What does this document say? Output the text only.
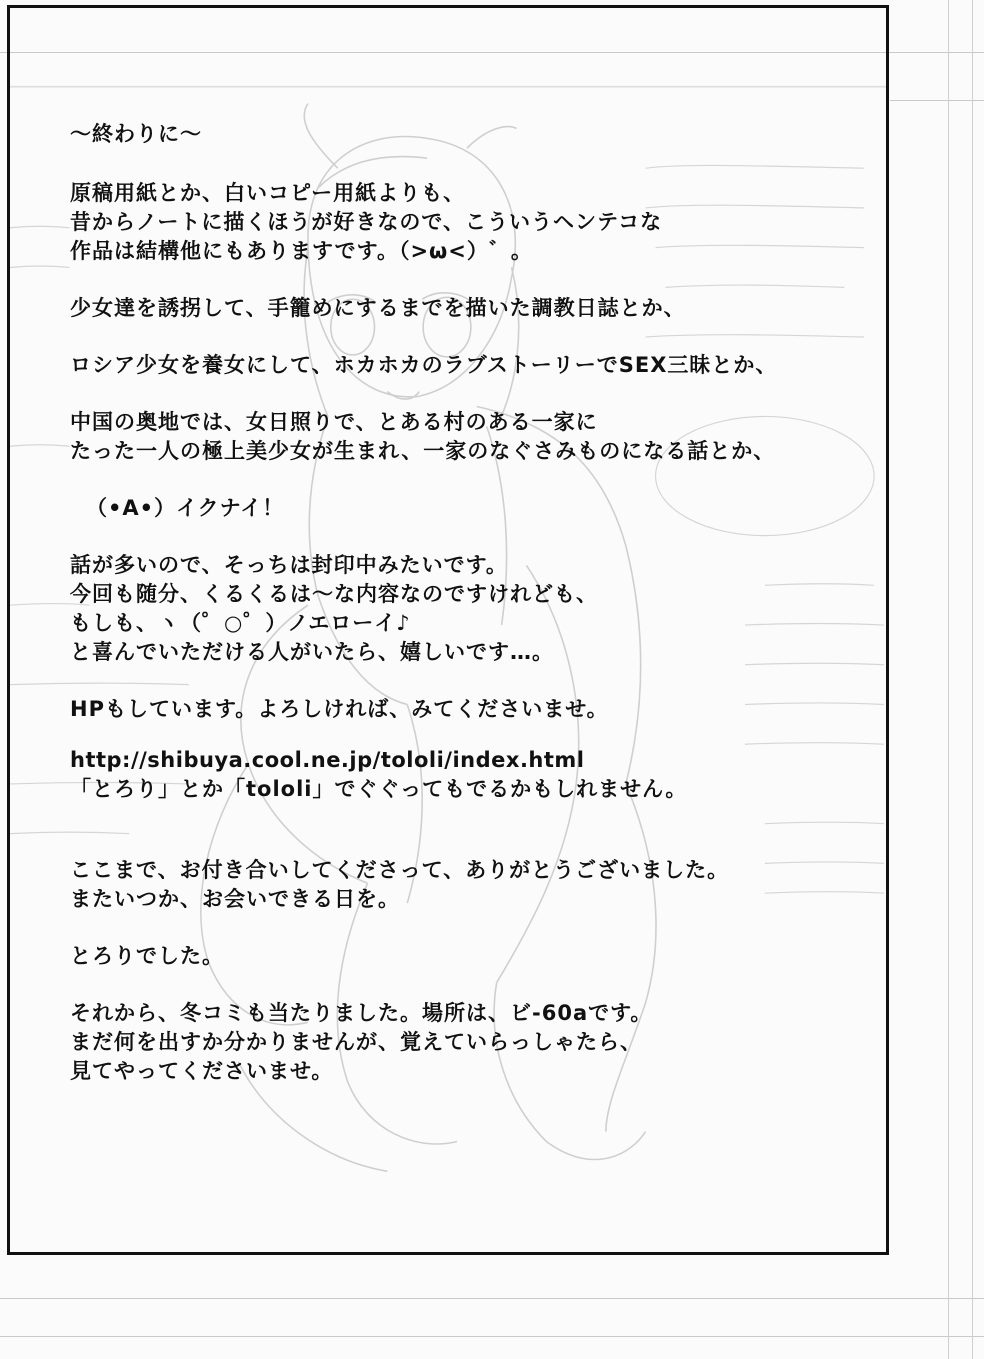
〜終わりに〜
原稿用紙とか、白いコピー用紙よりも、
昔からノートに描くほうが好きなので、こういうヘンテコな
作品は結構他にもありますです。（>ω<）゛。
少女達を誘拐して、手籠めにするまでを描いた調教日誌とか、
ロシア少女を養女にして、ホカホカのラブストーリーでSEX三昧とか、
中国の奥地では、女日照りで、とある村のある一家に
たった一人の極上美少女が生まれ、一家のなぐさみものになる話とか、
（•A•）イクナイ！
話が多いので、そっちは封印中みたいです。
今回も随分、くるくるは〜な内容なのですけれども、
もしも、ヽ（゜○゜）ノエローイ♪
と喜んでいただける人がいたら、嬉しいです…。
HPもしています。よろしければ、みてくださいませ。
http://shibuya.cool.ne.jp/tololi/index.html
「とろり」とか「tololi」でぐぐってもでるかもしれません。
ここまで、お付き合いしてくださって、ありがとうございました。
またいつか、お会いできる日を。
とろりでした。
それから、冬コミも当たりました。場所は、ビ-60aです。
まだ何を出すか分かりませんが、覚えていらっしゃたら、
見てやってくださいませ。
